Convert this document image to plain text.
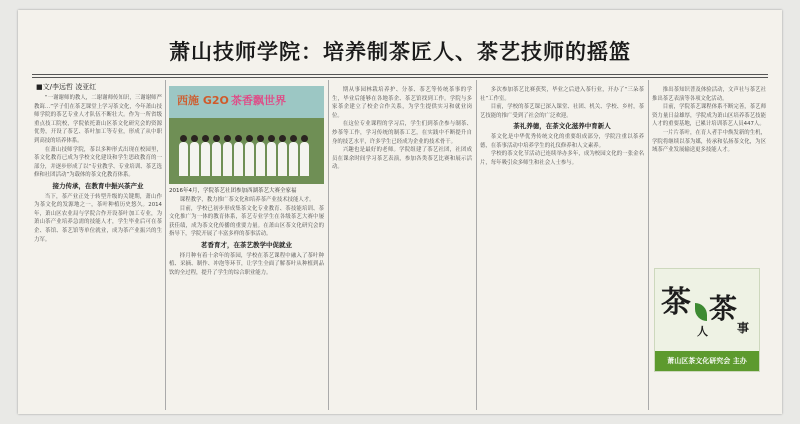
萧山技师学院：培养制茶匠人、茶艺技师的摇篮
■文/李远哲 凌亚红

“一谢谢师的教人，二谢谢师传知识，三谢谢师严教诲…”学子们在茶艺课堂上学习茶文化，今年萧山技师学院的茶艺专业人才队伍不断壮大。作为一所省级重点技工院校，学院依托萧山区茶文化研究会的资源优势，开设了茶艺、茶叶加工等专业，形成了从中职到高技的培养体系。

在萧山技师学院，茶以多种形式出现在校园里，茶文化教育已成为学校文化建设和学生思政教育的一部分，并逐步形成了以“专业教学、专业培训、茶艺选修和社团活动”为载体的茶文化教育体系。

接力传承，在教育中振兴茶产业

当下，茶产业正处于转型升级的关键期，萧山作为茶文化的发源地之一，茶叶种植历史悠久。2014年，萧山区农业局与学院合作开设茶叶加工专业，为萧山茶产业培养急需的技能人才，学生毕业后可在茶企、茶馆、茶艺馆等单位就业，成为茶产业振兴的生力军。

西施 G2O 茶香飘世界
2016年4月，学院茶艺社团参加西湖茶艺大赛全家福

课程教学，教力推广茶文化和培养茶产业技术技能人才。

目前，学校已初步形成集茶文化专业教育、茶技能培训、茶文化推广为一体的教育体系，茶艺专业学生在各级茶艺大赛中屡获佳绩，成为茶文化传播的重要力量。在萧山区茶文化研究会的指导下，学院开展了丰富多样的茶事活动。

茗香育才，在茶艺教学中促就业

择月种有着十余年的茶园，学校在茶艺课程中融入了茶叶种植、采摘、制作、冲泡等环节，让学生全面了解茶叶从种植到品饮的全过程，提升了学生的综合职业能力。

期从事园林栽培养护、分茶、茶艺等传统茶事的学生，毕业后能够在各地茶企、茶艺馆找到工作。学院与多家茶企建立了校企合作关系，为学生提供实习和就业岗位。

在这位专业课程的学习后，学生们到茶企参与制茶、炒茶等工作，学习传统的制茶工艺，在实践中不断提升自身的技艺水平，许多学生已经成为企业的技术骨干。

兴趣也是最好的老师。学院组建了茶艺社团，社团成员在课余时间学习茶艺表演，参加各类茶艺比赛和展示活动。

多次参加茶艺比赛获奖，毕业之后进入茶行业，开办了“三朵茶社”工作室。

目前，学校的茶艺课已深入课堂、社团、机关、学校、乡村，茶艺技能的推广受到了社会的广泛欢迎。

茶礼养德，在茶文化滋养中育新人

茶文化是中华优秀传统文化的重要组成部分，学院注重以茶养德，在茶事活动中培养学生的礼仪修养和人文素养。

学校的茶文化节活动已连续举办多年，成为校园文化的一张金名片，每年吸引众多师生和社会人士参与。

推出茶知识普及体验活动，文声社与茶艺社推出茶艺表演等各项文化活动。

目前，学院茶艺课程体系不断完善，茶艺师资力量日益雄厚，学院成为萧山区培养茶艺技能人才的重要基地，已累计培训茶艺人员447人。

一片片茶叶，在育人者手中焕发新的生机，学院将继续以茶为媒，传承和弘扬茶文化，为区域茶产业发展输送更多技能人才。

茶
人
茶
事
萧山区茶文化研究会 主办
